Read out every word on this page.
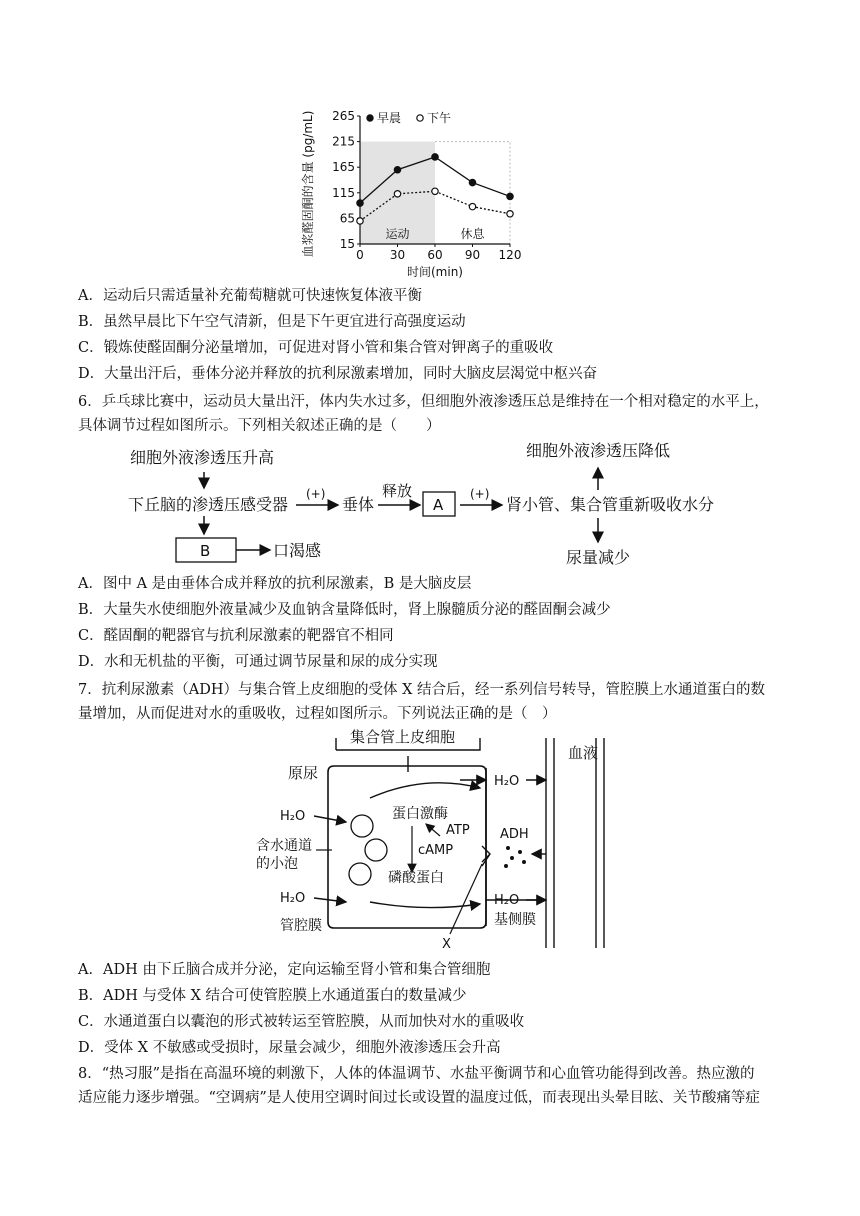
265
215
165
115
65
15
0 30 60 90 120
运动	休息
早晨 下午
血浆醛固酮的含量 (pg/mL)
时间(min)
A．运动后只需适量补充葡萄糖就可快速恢复体液平衡
B．虽然早晨比下午空气清新，但是下午更宜进行高强度运动
C．锻炼使醛固酮分泌量增加，可促进对肾小管和集合管对钾离子的重吸收
D．大量出汗后，垂体分泌并释放的抗利尿激素增加，同时大脑皮层渴觉中枢兴奋
6．乒乓球比赛中，运动员大量出汗，体内失水过多，但细胞外液渗透压总是维持在一个相对稳定的水平上，
具体调节过程如图所示。下列相关叙述正确的是（　　）
细胞外液渗透压升高
下丘脑的渗透压感受器
(+)
垂体
释放
A
(+)
肾小管、集合管重新吸收水分
细胞外液渗透压降低
尿量减少
B	口渴感
A．图中 A 是由垂体合成并释放的抗利尿激素，B 是大脑皮层
B．大量失水使细胞外液量减少及血钠含量降低时，肾上腺髓质分泌的醛固酮会减少
C．醛固酮的靶器官与抗利尿激素的靶器官不相同
D．水和无机盐的平衡，可通过调节尿量和尿的成分实现
7．抗利尿激素（ADH）与集合管上皮细胞的受体 X 结合后，经一系列信号转导，管腔膜上水通道蛋白的数
量增加，从而促进对水的重吸收，过程如图所示。下列说法正确的是（　）
集合管上皮细胞
原尿
血液
H₂O
H₂O	蛋白激酶
ATP
cAMP
ADH
含水通道
的小泡
磷酸蛋白
H₂O	H₂O
管腔膜	基侧膜
X
A．ADH 由下丘脑合成并分泌，定向运输至肾小管和集合管细胞
B．ADH 与受体 X 结合可使管腔膜上水通道蛋白的数量减少
C．水通道蛋白以囊泡的形式被转运至管腔膜，从而加快对水的重吸收
D．受体 X 不敏感或受损时，尿量会减少，细胞外液渗透压会升高
8．“热习服”是指在高温环境的刺激下，人体的体温调节、水盐平衡调节和心血管功能得到改善。热应激的
适应能力逐步增强。“空调病”是人使用空调时间过长或设置的温度过低，而表现出头晕目眩、关节酸痛等症
